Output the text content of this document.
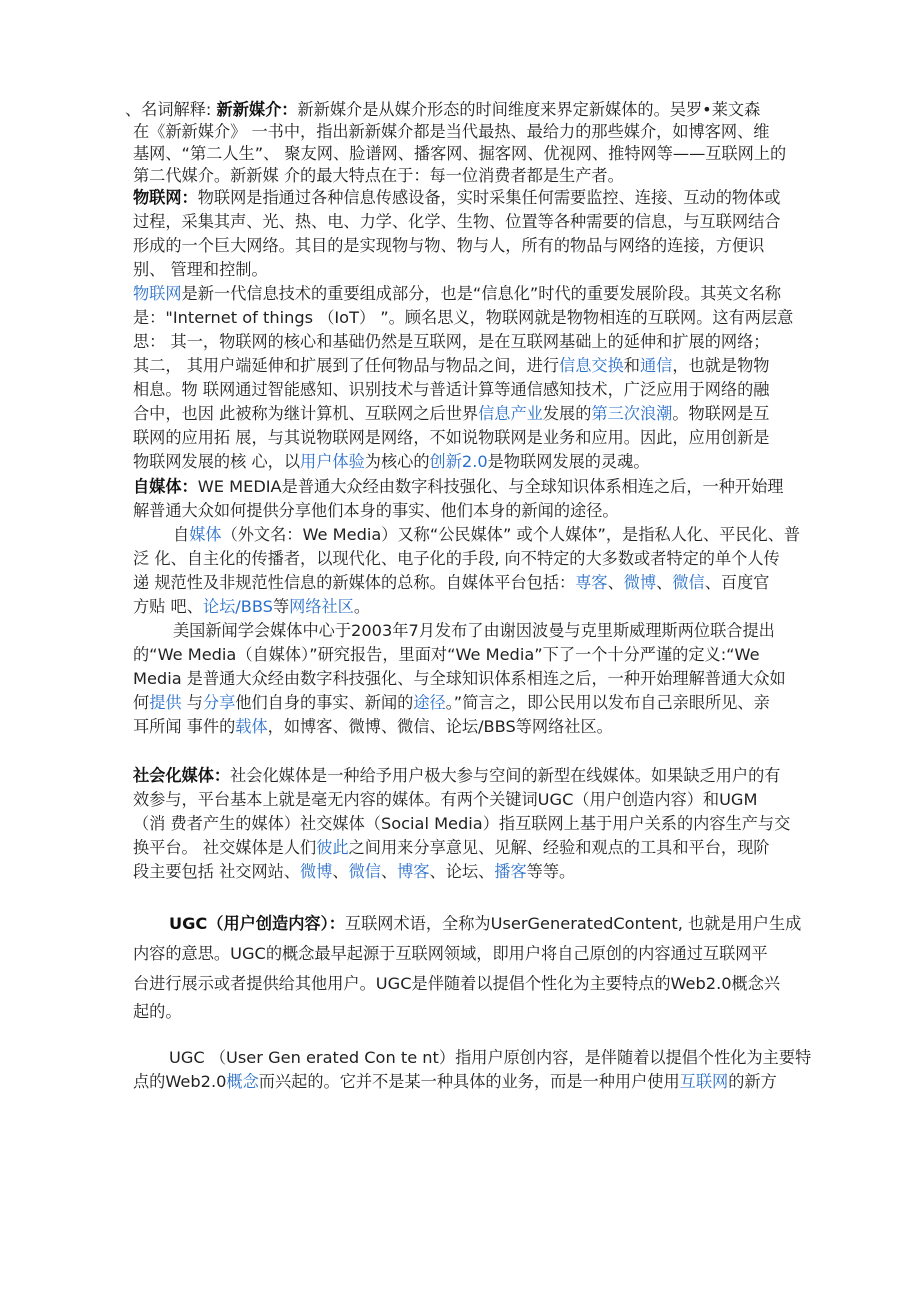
、名词解释: 新新媒介：新新媒介是从媒介形态的时间维度来界定新媒体的。吴罗•莱文森
在《新新媒介》 一书中，指出新新媒介都是当代最热、最给力的那些媒介，如博客网、维
基网、“第二人生”、 聚友网、脸谱网、播客网、掘客网、优视网、推特网等——互联网上的
第二代媒介。新新媒 介的最大特点在于：每一位消费者都是生产者。
物联网：物联网是指通过各种信息传感设备，实时采集任何需要监控、连接、互动的物体或
过程，采集其声、光、热、电、力学、化学、生物、位置等各种需要的信息，与互联网结合
形成的一个巨大网络。其目的是实现物与物、物与人，所有的物品与网络的连接，方便识
别、 管理和控制。
物联网是新一代信息技术的重要组成部分，也是“信息化”时代的重要发展阶段。其英文名称
是："Internet of things （IoT） ”。顾名思义，物联网就是物物相连的互联网。这有两层意
思： 其一，物联网的核心和基础仍然是互联网，是在互联网基础上的延伸和扩展的网络；
其二， 其用户端延伸和扩展到了任何物品与物品之间，进行信息交换和通信，也就是物物
相息。物 联网通过智能感知、识别技术与普适计算等通信感知技术，广泛应用于网络的融
合中，也因 此被称为继计算机、互联网之后世界信息产业发展的第三次浪潮。物联网是互
联网的应用拓 展，与其说物联网是网络，不如说物联网是业务和应用。因此，应用创新是
物联网发展的核 心，以用户体验为核心的创新2.0是物联网发展的灵魂。
自媒体：WE MEDIA是普通大众经由数字科技强化、与全球知识体系相连之后，一种开始理
解普通大众如何提供分享他们本身的事实、他们本身的新闻的途径。
自媒体（外文名：We Media）又称“公民媒体” 或个人媒体”，是指私人化、平民化、普
泛 化、自主化的传播者，以现代化、电子化的手段, 向不特定的大多数或者特定的单个人传
递 规范性及非规范性信息的新媒体的总称。自媒体平台包括：専客、微博、微信、百度官
方贴 吧、论坛/BBS等网络社区。
美国新闻学会媒体中心于2003年7月发布了由谢因波曼与克里斯威理斯两位联合提出
的“We Media（自媒体）”研究报告，里面对“We Media”下了一个十分严谨的定义:“We
Media 是普通大众经由数字科技强化、与全球知识体系相连之后，一种开始理解普通大众如
何提供 与分享他们自身的事实、新闻的途径。”简言之，即公民用以发布自己亲眼所见、亲
耳所闻 事件的载体，如博客、微博、微信、论坛/BBS等网络社区。
社会化媒体：社会化媒体是一种给予用户极大参与空间的新型在线媒体。如果缺乏用户的有
效参与，平台基本上就是毫无内容的媒体。有两个关键词UGC（用户创造内容）和UGM
（消 费者产生的媒体）社交媒体（Social Media）指互联网上基于用户关系的内容生产与交
换平台。 社交媒体是人们彼此之间用来分享意见、见解、经验和观点的工具和平台，现阶
段主要包括 社交网站、微博、微信、博客、论坛、播客等等。
UGC（用户创造内容）：互联网术语，全称为UserGeneratedContent, 也就是用户生成
内容的意思。UGC的概念最早起源于互联网领域，即用户将自己原创的内容通过互联网平
台进行展示或者提供给其他用户。UGC是伴随着以提倡个性化为主要特点的Web2.0概念兴
起的。
UGC （User Gen erated Con te nt）指用户原创内容，是伴随着以提倡个性化为主要特
点的Web2.0概念而兴起的。它并不是某一种具体的业务，而是一种用户使用互联网的新方
